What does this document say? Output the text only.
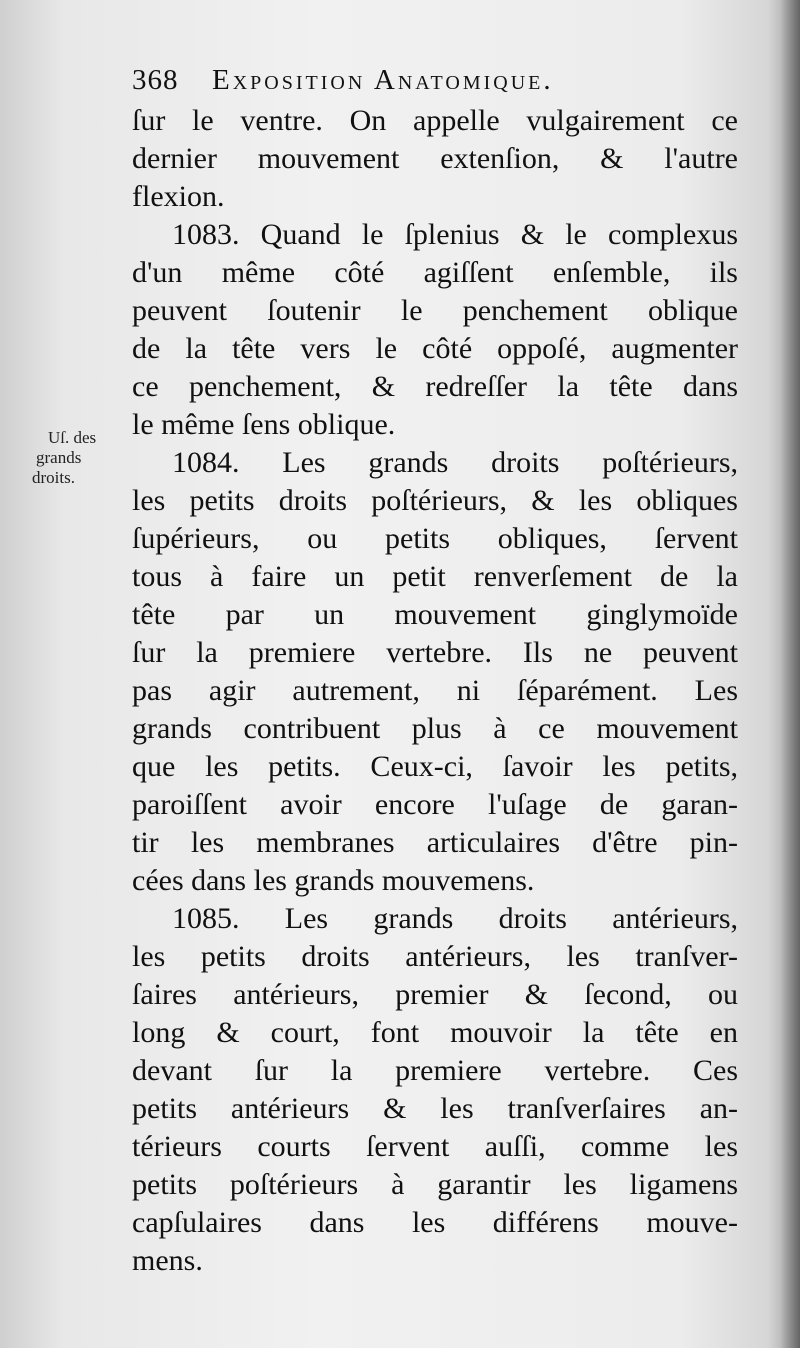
368 Exposition Anatomique.
Uſ. des
grands
droits.
ſur le ventre. On appelle vulgairement ce
dernier mouvement extenſion, & l'autre
flexion.
1083. Quand le ſplenius & le complexus
d'un même côté agiſſent enſemble, ils
peuvent ſoutenir le penchement oblique
de la tête vers le côté oppoſé, augmenter
ce penchement, & redreſſer la tête dans
le même ſens oblique.
1084. Les grands droits poſtérieurs,
les petits droits poſtérieurs, & les obliques
ſupérieurs, ou petits obliques, ſervent
tous à faire un petit renverſement de la
tête par un mouvement ginglymoïde
ſur la premiere vertebre. Ils ne peuvent
pas agir autrement, ni ſéparément. Les
grands contribuent plus à ce mouvement
que les petits. Ceux-ci, ſavoir les petits,
paroiſſent avoir encore l'uſage de garan-
tir les membranes articulaires d'être pin-
cées dans les grands mouvemens.
1085. Les grands droits antérieurs,
les petits droits antérieurs, les tranſver-
ſaires antérieurs, premier & ſecond, ou
long & court, font mouvoir la tête en
devant ſur la premiere vertebre. Ces
petits antérieurs & les tranſverſaires an-
térieurs courts ſervent auſſi, comme les
petits poſtérieurs à garantir les ligamens
capſulaires dans les différens mouve-
mens.
